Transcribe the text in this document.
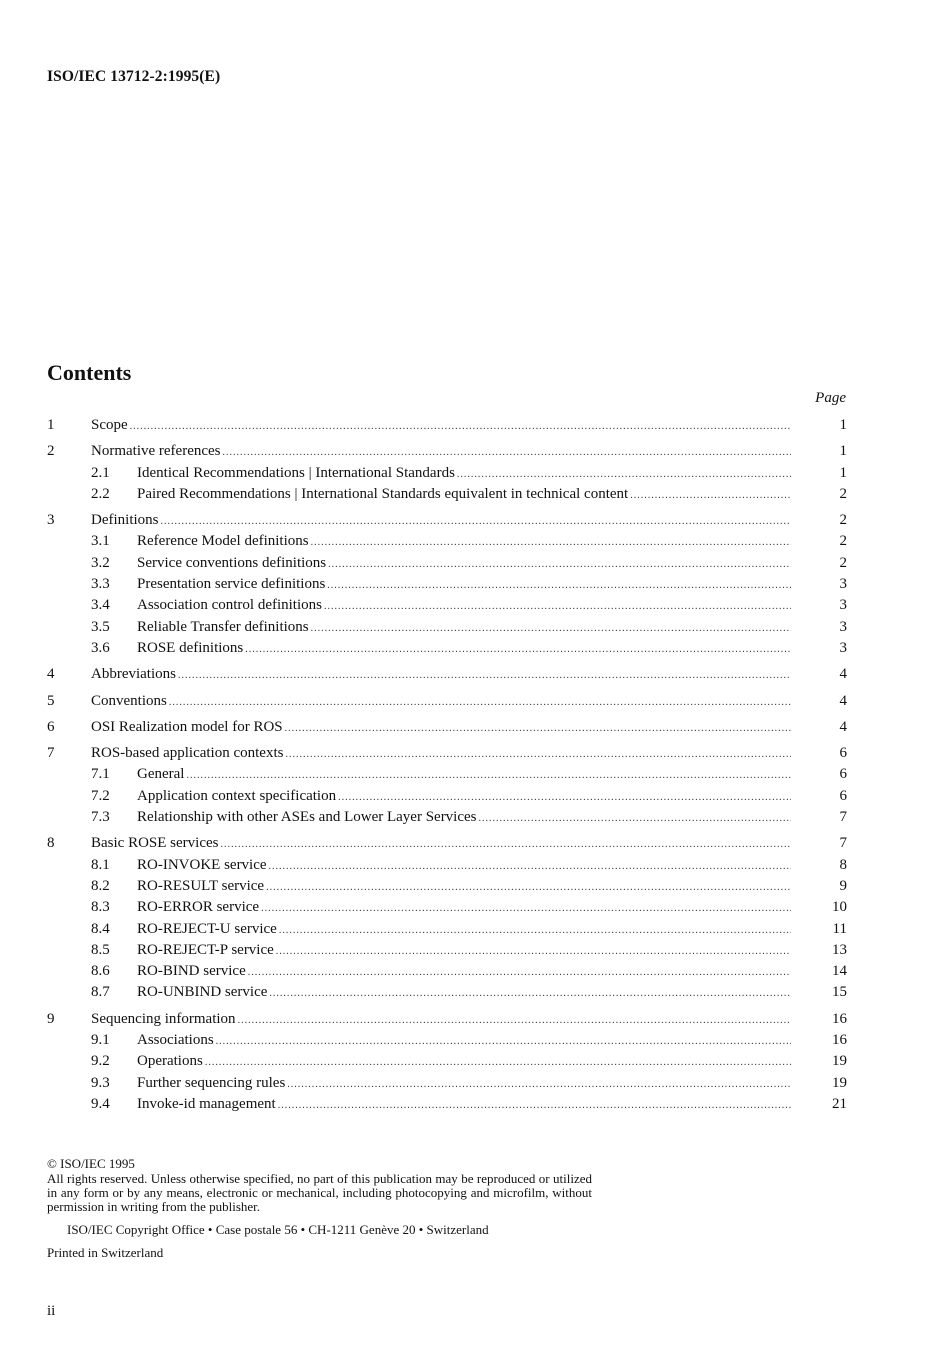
ISO/IEC 13712-2:1995(E)
Contents
Page
1 Scope .....	1
2 Normative references .....	1
2.1 Identical Recommendations | International Standards .....	1
2.2 Paired Recommendations | International Standards equivalent in technical content .....	2
3 Definitions .....	2
3.1 Reference Model definitions .....	2
3.2 Service conventions definitions .....	2
3.3 Presentation service definitions .....	3
3.4 Association control definitions .....	3
3.5 Reliable Transfer definitions .....	3
3.6 ROSE definitions .....	3
4 Abbreviations .....	4
5 Conventions .....	4
6 OSI Realization model for ROS .....	4
7 ROS-based application contexts .....	6
7.1 General .....	6
7.2 Application context specification .....	6
7.3 Relationship with other ASEs and Lower Layer Services .....	7
8 Basic ROSE services .....	7
8.1 RO-INVOKE service .....	8
8.2 RO-RESULT service .....	9
8.3 RO-ERROR service .....	10
8.4 RO-REJECT-U service .....	11
8.5 RO-REJECT-P service .....	13
8.6 RO-BIND service .....	14
8.7 RO-UNBIND service .....	15
9 Sequencing information .....	16
9.1 Associations .....	16
9.2 Operations .....	19
9.3 Further sequencing rules .....	19
9.4 Invoke-id management .....	21

© ISO/IEC 1995

All rights reserved. Unless otherwise specified, no part of this publication may be reproduced or utilized in any form or by any means, electronic or mechanical, including photocopying and microfilm, without permission in writing from the publisher.

ISO/IEC Copyright Office • Case postale 56 • CH-1211 Genève 20 • Switzerland

Printed in Switzerland

ii
